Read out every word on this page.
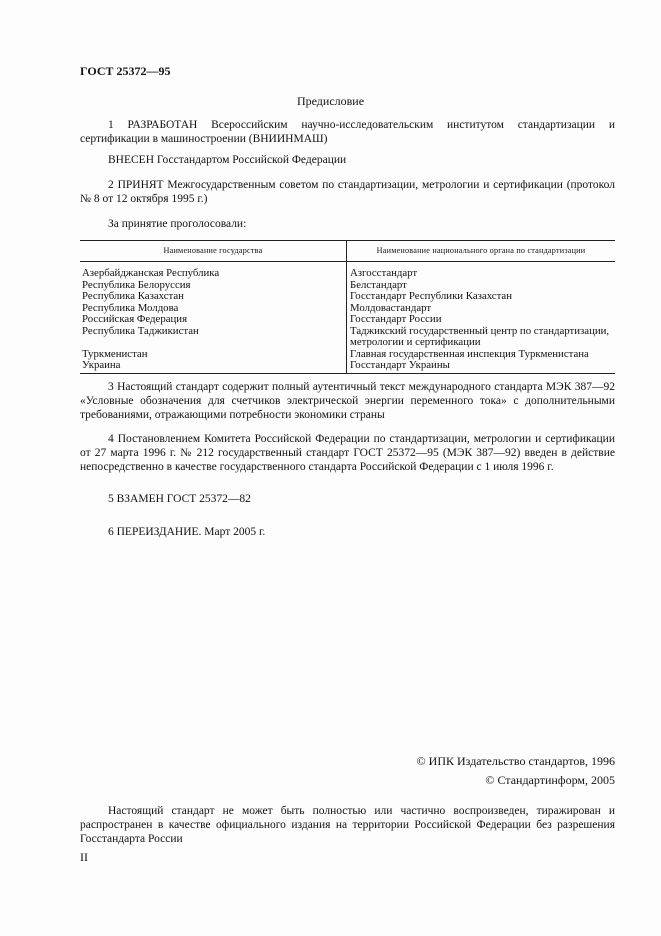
ГОСТ 25372—95
Предисловие
1 РАЗРАБОТАН Всероссийским научно-исследовательским институтом стандартизации и сертификации в машиностроении (ВНИИНМАШ)
ВНЕСЕН Госстандартом Российской Федерации
2 ПРИНЯТ Межгосударственным советом по стандартизации, метрологии и сертификации (протокол № 8 от 12 октября 1995 г.)
За принятие проголосовали:
Наименование государства	Наименование национального органа по стандартизации
Азербайджанская Республика	Азгосстандарт
Республика Белоруссия	Белстандарт
Республика Казахстан	Госстандарт Республики Казахстан
Республика Молдова	Молдовастандарт
Российская Федерация	Госстандарт России
Республика Таджикистан	Таджикский государственный центр по стандартизации, метрологии и сертификации
Туркменистан	Главная государственная инспекция Туркменистана
Украина	Госстандарт Украины
3 Настоящий стандарт содержит полный аутентичный текст международного стандарта МЭК 387—92 «Условные обозначения для счетчиков электрической энергии переменного тока» с дополнительными требованиями, отражающими потребности экономики страны
4 Постановлением Комитета Российской Федерации по стандартизации, метрологии и сертификации от 27 марта 1996 г. № 212 государственный стандарт ГОСТ 25372—95 (МЭК 387—92) введен в действие непосредственно в качестве государственного стандарта Российской Федерации с 1 июля 1996 г.
5 ВЗАМЕН ГОСТ 25372—82
6 ПЕРЕИЗДАНИЕ. Март 2005 г.
© ИПК Издательство стандартов, 1996
© Стандартинформ, 2005
Настоящий стандарт не может быть полностью или частично воспроизведен, тиражирован и распространен в качестве официального издания на территории Российской Федерации без разрешения Госстандарта России
II
